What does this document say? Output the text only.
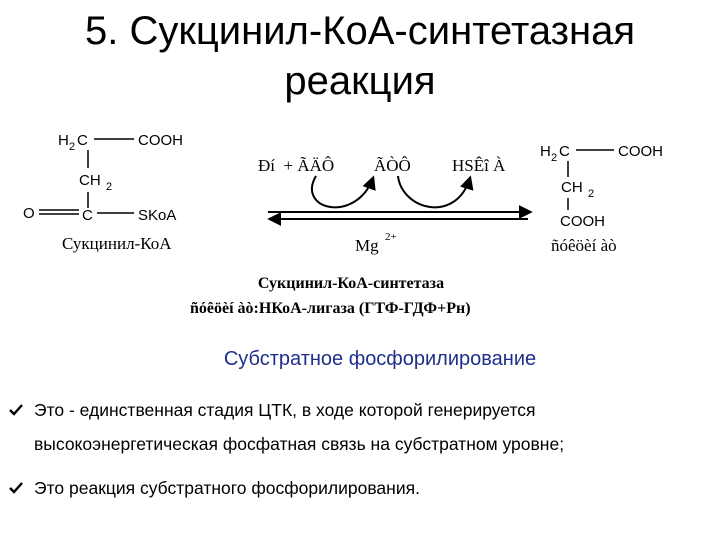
5. Сукцинил-КоА-синтетазная
реакция
H 2 C	COOH
CH 2
O	C	SKoA
Сукцинил-КоА
Ðí  + ÃÄÔ ÃÒÔ HSÊî À
Mg 2+
H 2 C	COOH
CH 2
COOH
ñóêöèí àò
Сукцинил-КоА-синтетаза
ñóêöèí àò:НКоА-лигаза (ГТФ-ГДФ+Рн)
Субстратное фосфорилирование
Это - единственная стадия ЦТК, в ходе которой генерируется
высокоэнергетическая фосфатная связь на субстратном уровне;
Это реакция субстратного фосфорилирования.
